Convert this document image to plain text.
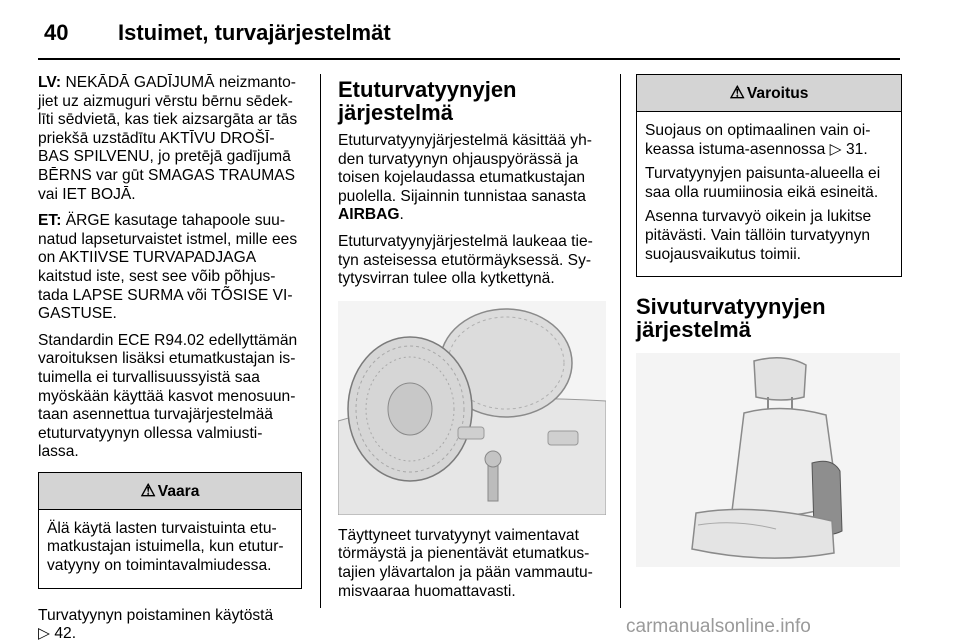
40 Istuimet, turvajärjestelmät

LV: NEKĀDĀ GADĪJUMĀ neizmanto-jiet uz aizmuguri vērstu bērnu sēdek-līti sēdvietā, kas tiek aizsargāta ar tās priekšā uzstādītu AKTĪVU DROŠĪ-BAS SPILVENU, jo pretējā gadījumā BĒRNS var gūt SMAGAS TRAUMAS vai IET BOJĀ.

ET: ÄRGE kasutage tahapoole suu-natud lapseturvaistet istmel, mille ees on AKTIIVSE TURVAPADJAGA kaitstud iste, sest see võib põhjus-tada LAPSE SURMA või TÕSISE VI-GASTUSE.

Standardin ECE R94.02 edellyttämän varoituksen lisäksi etumatkustajan is-tuimella ei turvallisuussyistä saa myöskään käyttää kasvot menosuun-taan asennettua turvajärjestelmää etuturvatyynyn ollessa valmiusti-lassa.

⚠ Vaara

Älä käytä lasten turvaistuinta etu-matkustajan istuimella, kun etutur-vatyyny on toimintavalmiudessa.

Turvatyynyn poistaminen käytöstä
▷ 42.

Etuturvatyynyjen järjestelmä

Etuturvatyynyjärjestelmä käsittää yh-den turvatyynyn ohjauspyörässä ja toisen kojelaudassa etumatkustajan puolella. Sijainnin tunnistaa sanasta AIRBAG.

Etuturvatyynyjärjestelmä laukeaa tie-tyn asteisessa etutörmäyksessä. Sy-tytysvirran tulee olla kytkettynä.

Täyttyneet turvatyynyt vaimentavat törmäystä ja pienentävät etumatkus-tajien ylävartalon ja pään vammautu-misvaaraa huomattavasti.

⚠ Varoitus

Suojaus on optimaalinen vain oi-keassa istuma-asennossa ▷ 31.

Turvatyynyjen paisunta-alueella ei saa olla ruumiinosia eikä esineitä.

Asenna turvavyö oikein ja lukitse pitävästi. Vain tällöin turvatyynyn suojausvaikutus toimii.

Sivuturvatyynyjen järjestelmä
carmanualsonline.info
